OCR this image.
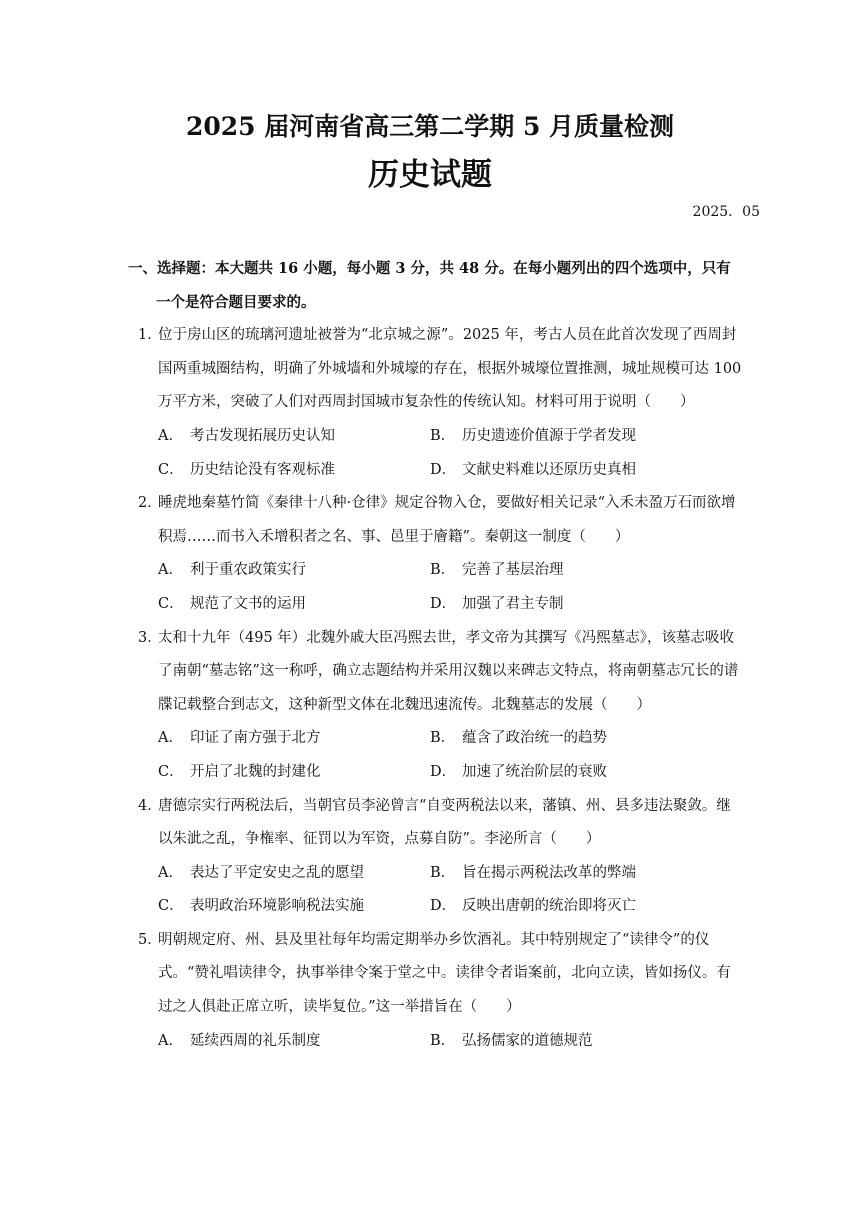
2025 届河南省高三第二学期 5 月质量检测
历史试题
2025．05
一、选择题：本大题共 16 小题，每小题 3 分，共 48 分。在每小题列出的四个选项中，只有一个是符合题目要求的。
1．位于房山区的琉璃河遗址被誉为“北京城之源”。2025 年，考古人员在此首次发现了西周封国两重城圈结构，明确了外城墙和外城壕的存在，根据外城壕位置推测，城址规模可达 100 万平方米，突破了人们对西周封国城市复杂性的传统认知。材料可用于说明（　　）
A． 考古发现拓展历史认知	B． 历史遗迹价值源于学者发现
C． 历史结论没有客观标准	D． 文献史料难以还原历史真相
2．睡虎地秦墓竹简《秦律十八种·仓律》规定谷物入仓，要做好相关记录“入禾未盈万石而欲增积焉……而书入禾增积者之名、事、邑里于廥籍”。秦朝这一制度（　　）
A． 利于重农政策实行	B． 完善了基层治理
C． 规范了文书的运用	D． 加强了君主专制
3．太和十九年（495 年）北魏外戚大臣冯熙去世，孝文帝为其撰写《冯熙墓志》，该墓志吸收了南朝“墓志铭”这一称呼，确立志题结构并采用汉魏以来碑志文特点，将南朝墓志冗长的谱牒记载整合到志文，这种新型文体在北魏迅速流传。北魏墓志的发展（　　）
A． 印证了南方强于北方	B． 蕴含了政治统一的趋势
C． 开启了北魏的封建化	D． 加速了统治阶层的衰败
4．唐德宗实行两税法后，当朝官员李泌曾言“自变两税法以来，藩镇、州、县多违法聚敛。继以朱泚之乱，争権率、征罚以为军资，点募自防”。李泌所言（　　）
A． 表达了平定安史之乱的愿望	B． 旨在揭示两税法改革的弊端
C． 表明政治环境影响税法实施	D． 反映出唐朝的统治即将灭亡
5．明朝规定府、州、县及里社每年均需定期举办乡饮酒礼。其中特别规定了“读律令”的仪式。“赞礼唱读律令，执事举律令案于堂之中。读律令者诣案前，北向立读，皆如扬仪。有过之人俱赴正席立听，读毕复位。”这一举措旨在（　　）
A． 延续西周的礼乐制度	B． 弘扬儒家的道德规范
